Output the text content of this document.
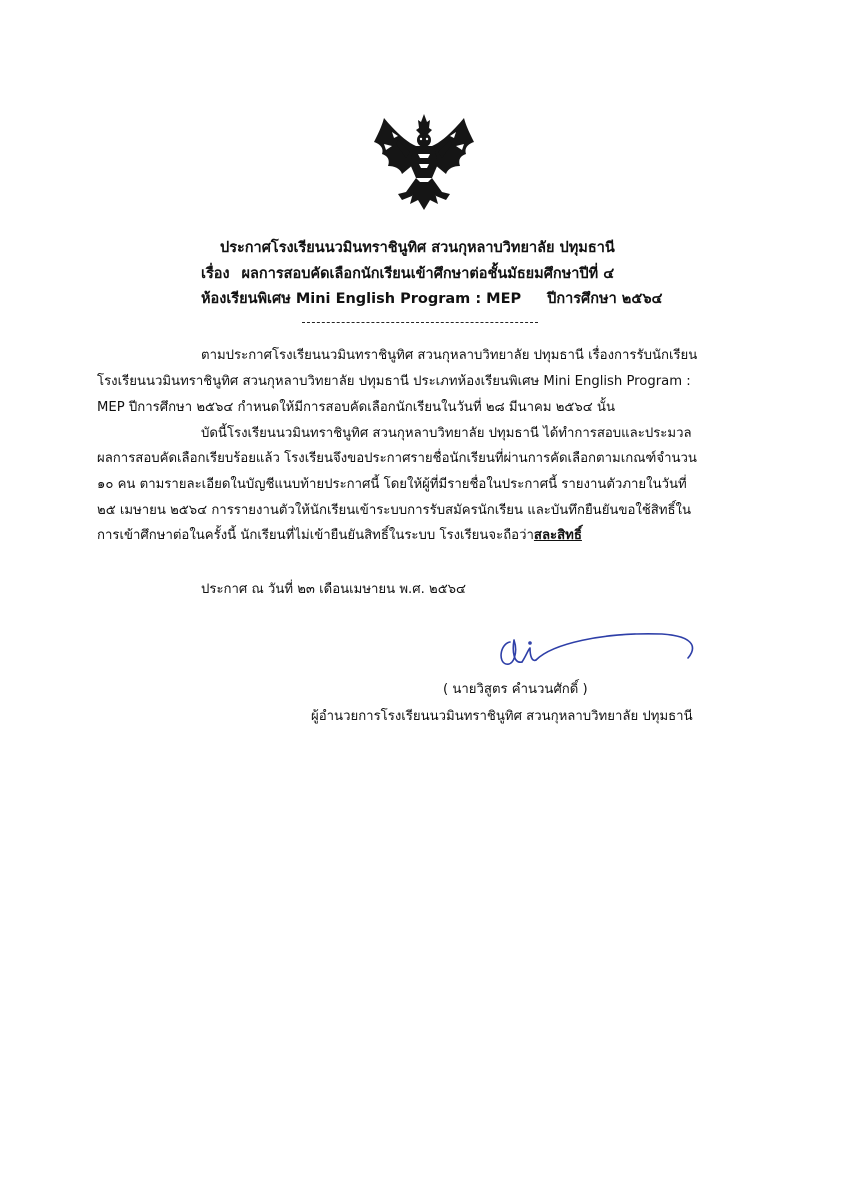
ประกาศโรงเรียนนวมินทราชินูทิศ สวนกุหลาบวิทยาลัย ปทุมธานี
เรื่อง ผลการสอบคัดเลือกนักเรียนเข้าศึกษาต่อชั้นมัธยมศึกษาปีที่ ๔
ห้องเรียนพิเศษ Mini English Program : MEP ปีการศึกษา ๒๕๖๔
ตามประกาศโรงเรียนนวมินทราชินูทิศ สวนกุหลาบวิทยาลัย ปทุมธานี เรื่องการรับนักเรียน
โรงเรียนนวมินทราชินูทิศ สวนกุหลาบวิทยาลัย ปทุมธานี ประเภทห้องเรียนพิเศษ Mini English Program :
MEP ปีการศึกษา ๒๕๖๔ กำหนดให้มีการสอบคัดเลือกนักเรียนในวันที่ ๒๘ มีนาคม ๒๕๖๔ นั้น
บัดนี้โรงเรียนนวมินทราชินูทิศ สวนกุหลาบวิทยาลัย ปทุมธานี ได้ทำการสอบและประมวล
ผลการสอบคัดเลือกเรียบร้อยแล้ว โรงเรียนจึงขอประกาศรายชื่อนักเรียนที่ผ่านการคัดเลือกตามเกณฑ์จำนวน
๑๐ คน ตามรายละเอียดในบัญชีแนบท้ายประกาศนี้ โดยให้ผู้ที่มีรายชื่อในประกาศนี้ รายงานตัวภายในวันที่
๒๕ เมษายน ๒๕๖๔ การรายงานตัวให้นักเรียนเข้าระบบการรับสมัครนักเรียน และบันทึกยืนยันขอใช้สิทธิ์ใน
การเข้าศึกษาต่อในครั้งนี้ นักเรียนที่ไม่เข้ายืนยันสิทธิ์ในระบบ โรงเรียนจะถือว่าสละสิทธิ์
ประกาศ ณ วันที่ ๒๓ เดือนเมษายน พ.ศ. ๒๕๖๔
( นายวิสูตร คำนวนศักดิ์ )
ผู้อำนวยการโรงเรียนนวมินทราชินูทิศ สวนกุหลาบวิทยาลัย ปทุมธานี
